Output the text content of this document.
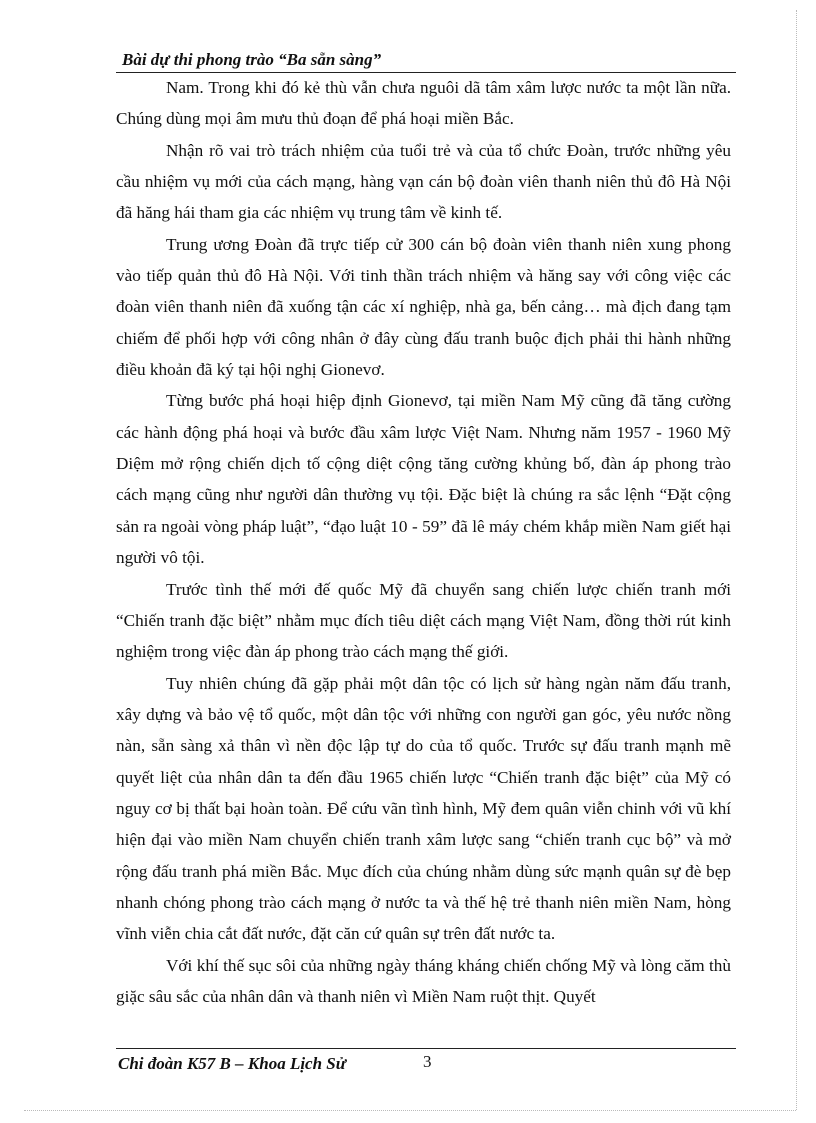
Bài dự thi phong trào “Ba sẵn sàng”

Nam. Trong khi đó kẻ thù vẫn chưa nguôi dã tâm xâm lược nước ta một lần nữa. Chúng dùng mọi âm mưu thủ đoạn để phá hoại miền Bắc.

Nhận rõ vai trò trách nhiệm của tuổi trẻ và của tổ chức Đoàn, trước những yêu cầu nhiệm vụ mới của cách mạng, hàng vạn cán bộ đoàn viên thanh niên thủ đô Hà Nội đã hăng hái tham gia các nhiệm vụ trung tâm về kinh tế.

Trung ương Đoàn đã trực tiếp cử 300 cán bộ đoàn viên thanh niên xung phong vào tiếp quản thủ đô Hà Nội. Với tinh thần trách nhiệm và hăng say với công việc các đoàn viên thanh niên đã xuống tận các xí nghiệp, nhà ga, bến cảng… mà địch đang tạm chiếm để phối hợp với công nhân ở đây cùng đấu tranh buộc địch phải thi hành những điều khoản đã ký tại hội nghị Gionevơ.

Từng bước phá hoại hiệp định Gionevơ, tại miền Nam Mỹ cũng đã tăng cường các hành động phá hoại và bước đầu xâm lược Việt Nam. Nhưng năm 1957 - 1960 Mỹ Diệm mở rộng chiến dịch tố cộng diệt cộng tăng cường khủng bố, đàn áp phong trào cách mạng cũng như người dân thường vụ tội. Đặc biệt là chúng ra sắc lệnh “Đặt cộng sản ra ngoài vòng pháp luật”, “đạo luật 10 - 59” đã lê máy chém khắp miền Nam giết hại người vô tội.

Trước tình thế mới đế quốc Mỹ đã chuyển sang chiến lược chiến tranh mới “Chiến tranh đặc biệt” nhằm mục đích tiêu diệt cách mạng Việt Nam, đồng thời rút kinh nghiệm trong việc đàn áp phong trào cách mạng thế giới.

Tuy nhiên chúng đã gặp phải một dân tộc có lịch sử hàng ngàn năm đấu tranh, xây dựng và bảo vệ tổ quốc, một dân tộc với những con người gan góc, yêu nước nồng nàn, sẵn sàng xả thân vì nền độc lập tự do của tổ quốc. Trước sự đấu tranh mạnh mẽ quyết liệt của nhân dân ta đến đầu 1965 chiến lược “Chiến tranh đặc biệt” của Mỹ có nguy cơ bị thất bại hoàn toàn. Để cứu vãn tình hình, Mỹ đem quân viễn chinh với vũ khí hiện đại vào miền Nam chuyển chiến tranh xâm lược sang “chiến tranh cục bộ” và mở rộng đấu tranh phá miền Bắc. Mục đích của chúng nhằm dùng sức mạnh quân sự đè bẹp nhanh chóng phong trào cách mạng ở nước ta và thế hệ trẻ thanh niên miền Nam, hòng vĩnh viễn chia cắt đất nước, đặt căn cứ quân sự trên đất nước ta.

Với khí thế sục sôi của những ngày tháng kháng chiến chống Mỹ và lòng căm thù giặc sâu sắc của nhân dân và thanh niên vì Miền Nam ruột thịt. Quyết

Chi đoàn K57 B – Khoa Lịch Sử	3
